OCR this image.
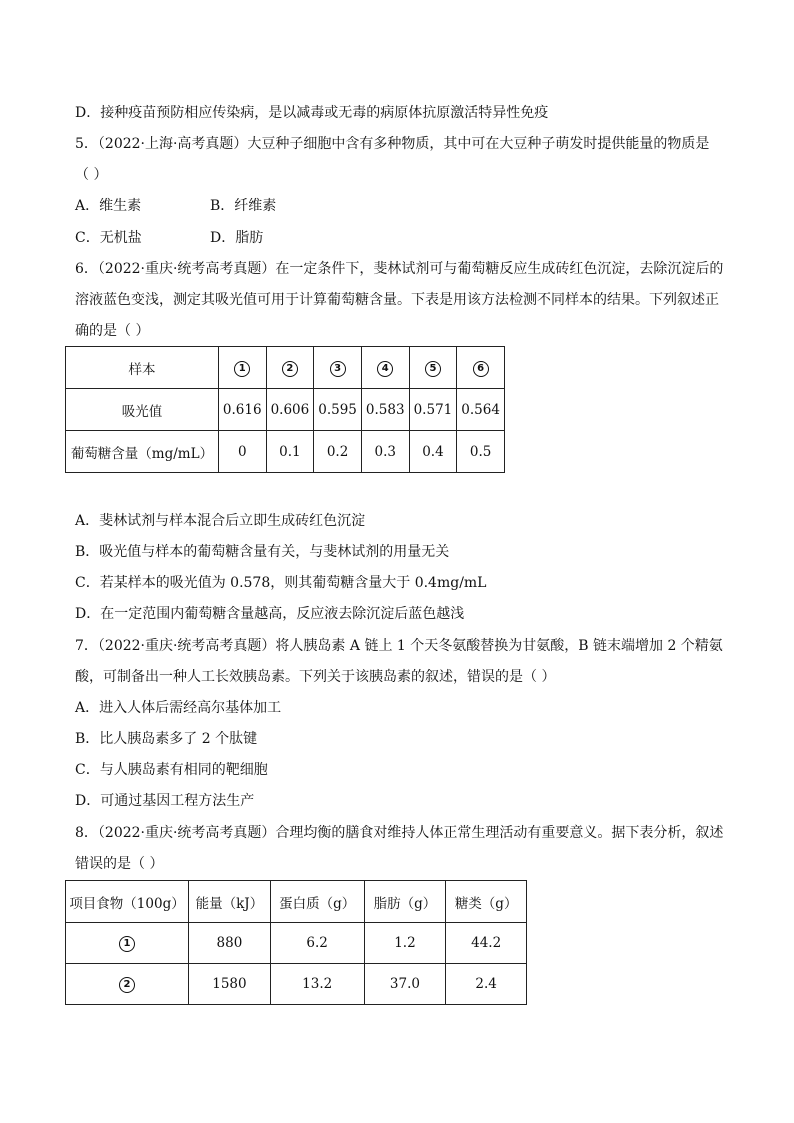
D．接种疫苗预防相应传染病，是以减毒或无毒的病原体抗原激活特异性免疫
5．（2022·上海·高考真题）大豆种子细胞中含有多种物质，其中可在大豆种子萌发时提供能量的物质是
（ ）
A．维生素	B．纤维素
C．无机盐	D．脂肪
6．（2022·重庆·统考高考真题）在一定条件下，斐林试剂可与葡萄糖反应生成砖红色沉淀，去除沉淀后的溶液蓝色变浅，测定其吸光值可用于计算葡萄糖含量。下表是用该方法检测不同样本的结果。下列叙述正确的是（ ）
样本	1	2	3	4	5	6
吸光值	0.616	0.606	0.595	0.583	0.571	0.564
葡萄糖含量（mg/mL）	0	0.1	0.2	0.3	0.4	0.5
A．斐林试剂与样本混合后立即生成砖红色沉淀
B．吸光值与样本的葡萄糖含量有关，与斐林试剂的用量无关
C．若某样本的吸光值为 0.578，则其葡萄糖含量大于 0.4mg/mL
D．在一定范围内葡萄糖含量越高，反应液去除沉淀后蓝色越浅
7．（2022·重庆·统考高考真题）将人胰岛素 A 链上 1 个天冬氨酸替换为甘氨酸，B 链末端增加 2 个精氨酸，可制备出一种人工长效胰岛素。下列关于该胰岛素的叙述，错误的是（ ）
A．进入人体后需经高尔基体加工
B．比人胰岛素多了 2 个肽键
C．与人胰岛素有相同的靶细胞
D．可通过基因工程方法生产
8．（2022·重庆·统考高考真题）合理均衡的膳食对维持人体正常生理活动有重要意义。据下表分析，叙述错误的是（ ）
项目食物（100g）	能量（kJ）	蛋白质（g）	脂肪（g）	糖类（g）
1	880	6.2	1.2	44.2
2	1580	13.2	37.0	2.4
